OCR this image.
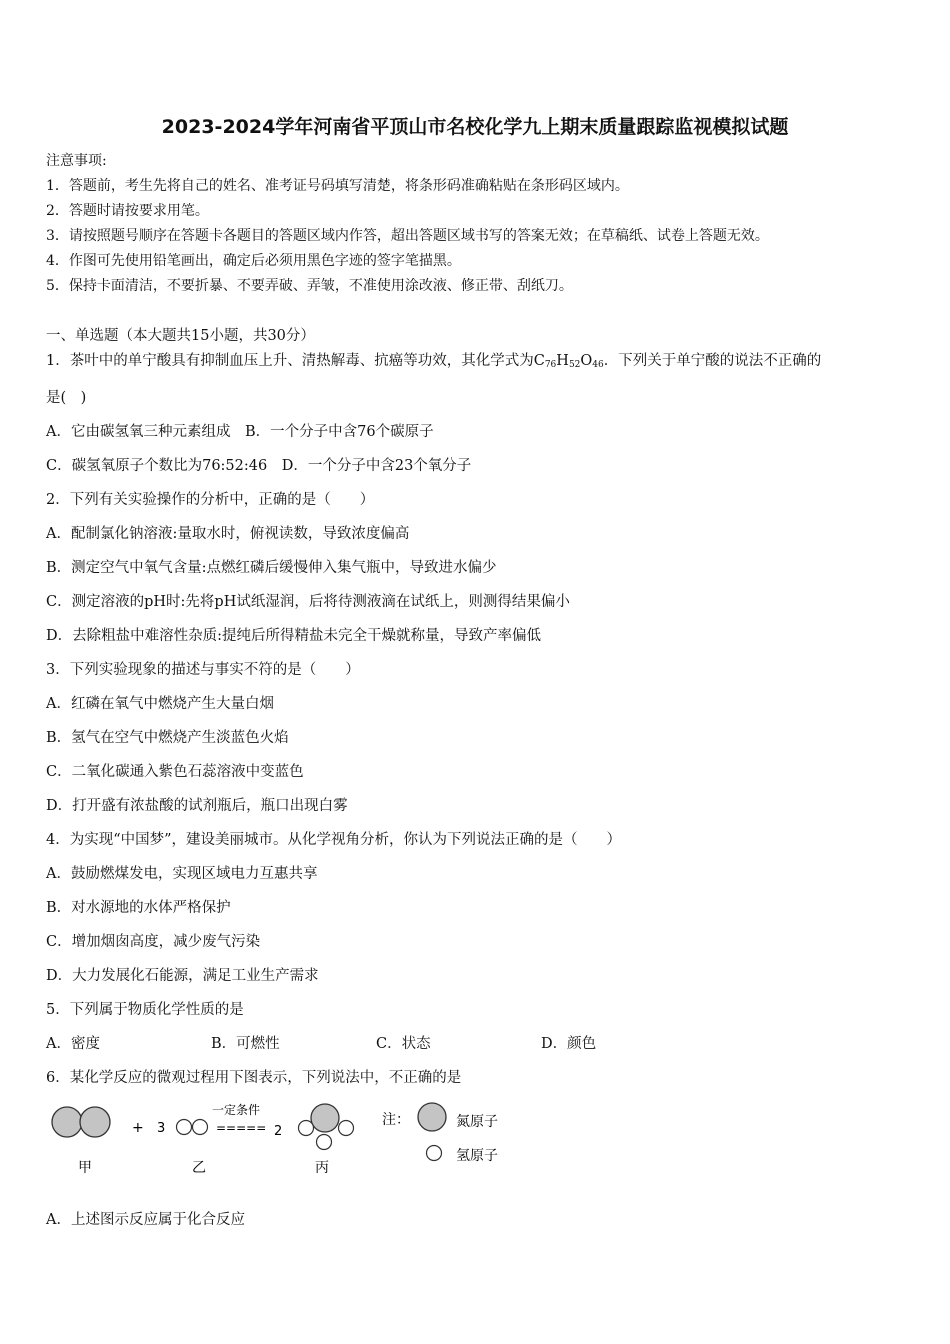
2023-2024学年河南省平顶山市名校化学九上期末质量跟踪监视模拟试题
注意事项:
1．答题前，考生先将自己的姓名、准考证号码填写清楚，将条形码准确粘贴在条形码区域内。
2．答题时请按要求用笔。
3．请按照题号顺序在答题卡各题目的答题区域内作答，超出答题区域书写的答案无效；在草稿纸、试卷上答题无效。
4．作图可先使用铅笔画出，确定后必须用黑色字迹的签字笔描黑。
5．保持卡面清洁，不要折暴、不要弄破、弄皱，不准使用涂改液、修正带、刮纸刀。
一、单选题（本大题共15小题，共30分）
1．茶叶中的单宁酸具有抑制血压上升、清热解毒、抗癌等功效，其化学式为$C_{76}H_{52}O_{46}$．下列关于单宁酸的说法不正确的
是(　)
A．它由碳氢氧三种元素组成　B．一个分子中含76个碳原子
C．碳氢氧原子个数比为76:52:46　D．一个分子中含23个氧分子
2．下列有关实验操作的分析中，正确的是（　　）
A．配制氯化钠溶液:量取水时，俯视读数，导致浓度偏高
B．测定空气中氧气含量:点燃红磷后缓慢伸入集气瓶中，导致进水偏少
C．测定溶液的pH时:先将pH试纸湿润，后将待测液滴在试纸上，则测得结果偏小
D．去除粗盐中难溶性杂质:提纯后所得精盐未完全干燥就称量，导致产率偏低
3．下列实验现象的描述与事实不符的是（　　）
A．红磷在氧气中燃烧产生大量白烟
B．氢气在空气中燃烧产生淡蓝色火焰
C．二氧化碳通入紫色石蕊溶液中变蓝色
D．打开盛有浓盐酸的试剂瓶后，瓶口出现白雾
4．为实现“中国梦”，建设美丽城市。从化学视角分析，你认为下列说法正确的是（　　）
A．鼓励燃煤发电，实现区域电力互惠共享
B．对水源地的水体严格保护
C．增加烟囱高度，减少废气污染
D．大力发展化石能源，满足工业生产需求
5．下列属于物质化学性质的是
A．密度	B．可燃性	C．状态	D．颜色
6．某化学反应的微观过程用下图表示，下列说法中，不正确的是
+ 3
一定条件
===== 2
甲	乙	丙
注：	氮原子
氢原子
A．上述图示反应属于化合反应
